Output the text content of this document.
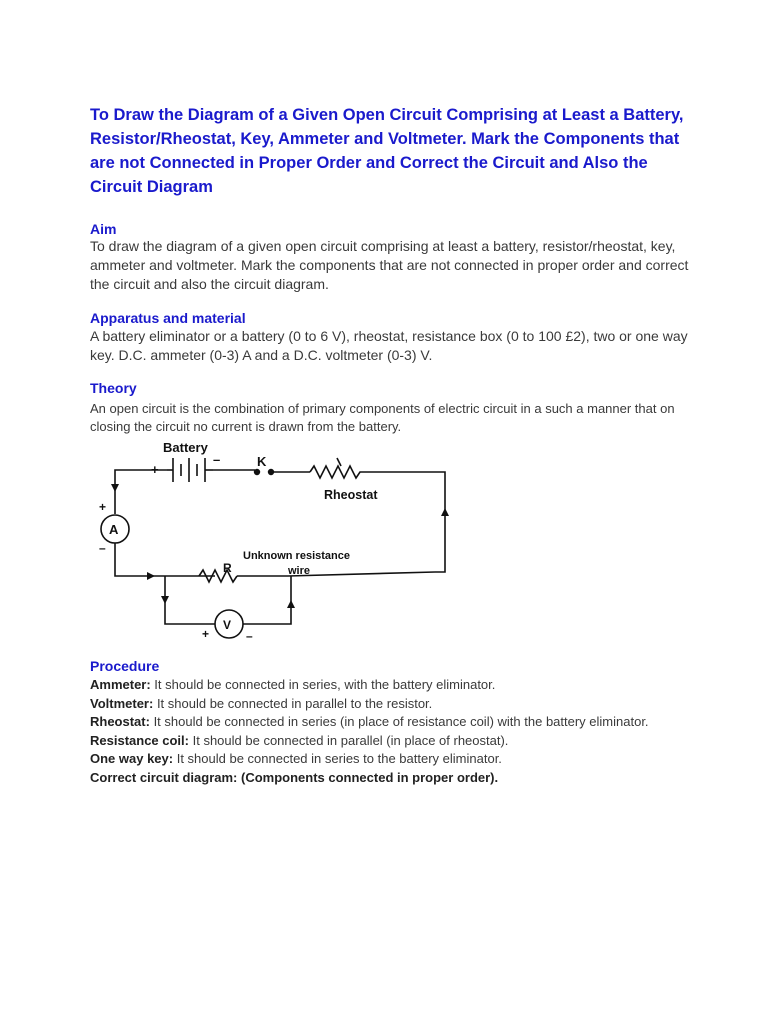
To Draw the Diagram of a Given Open Circuit Comprising at Least a Battery, Resistor/Rheostat, Key, Ammeter and Voltmeter. Mark the Components that are not Connected in Proper Order and Correct the Circuit and Also the Circuit Diagram
Aim

To draw the diagram of a given open circuit comprising at least a battery, resistor/rheostat, key, ammeter and voltmeter. Mark the components that are not connected in proper order and correct the circuit and also the circuit diagram.

Apparatus and material

A battery eliminator or a battery (0 to 6 V), rheostat, resistance box (0 to 100 £2), two or one way key. D.C. ammeter (0-3) A and a D.C. voltmeter (0-3) V.

Theory

An open circuit is the combination of primary components of electric circuit in a such a manner that on closing the circuit no current is drawn from the battery.

Battery
+
–	K
Rheostat
+
A
–
Unknown resistance
wire
R
V
+	–
Procedure
Ammeter: It should be connected in series, with the battery eliminator.
Voltmeter: It should be connected in parallel to the resistor.
Rheostat: It should be connected in series (in place of resistance coil) with the battery eliminator.
Resistance coil: It should be connected in parallel (in place of rheostat).
One way key: It should be connected in series to the battery eliminator.
Correct circuit diagram: (Components connected in proper order).
